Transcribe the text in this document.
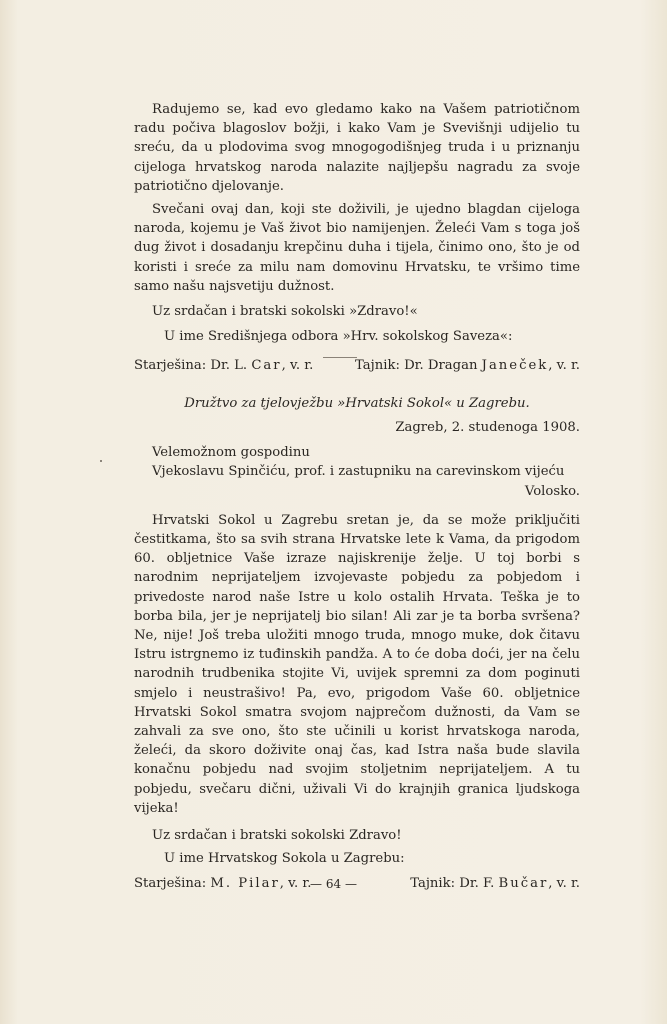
Radujemo se, kad evo gledamo kako na Vašem patriotičnom radu počiva blagoslov božji, i kako Vam je Svevišnji udijelio tu sreću, da u plodovima svog mnogogodišnjeg truda i u priznanju cijeloga hrvatskog naroda nalazite najljepšu nagradu za svoje patriotično djelovanje.

Svečani ovaj dan, koji ste doživili, je ujedno blagdan cijeloga naroda, kojemu je Vaš život bio namijenjen. Želeći Vam s toga još dug život i dosadanju krepčinu duha i tijela, činimo ono, što je od koristi i sreće za milu nam domovinu Hrvatsku, te vršimo time samo našu najsvetiju dužnost.

Uz srdačan i bratski sokolski »Zdravo!«

U ime Središnjega odbora »Hrv. sokolskog Saveza«:
Starješina: Dr. L. Car, v. r.	Tajnik: Dr. Dragan Janeček, v. r.
Družtvo za tjelovježbu »Hrvatski Sokol« u Zagrebu.
Zagreb, 2. studenoga 1908.
Velemožnom gospodinu
Vjekoslavu Spinčiću, prof. i zastupniku na carevinskom vijeću
Volosko.

Hrvatski Sokol u Zagrebu sretan je, da se može priključiti čestitkama, što sa svih strana Hrvatske lete k Vama, da prigodom 60. obljetnice Vaše izraze najiskrenije želje. U toj borbi s narodnim neprijateljem izvojevaste pobjedu za pobjedom i privedoste narod naše Istre u kolo ostalih Hrvata. Teška je to borba bila, jer je neprijatelj bio silan! Ali zar je ta borba svršena? Ne, nije! Još treba uložiti mnogo truda, mnogo muke, dok čitavu Istru istrgnemo iz tuđinskih pandža. A to će doba doći, jer na čelu narodnih trudbenika stojite Vi, uvijek spremni za dom poginuti smjelo i neustrašivo! Pa, evo, prigodom Vaše 60. obljetnice Hrvatski Sokol smatra svojom najprečom dužnosti, da Vam se zahvali za sve ono, što ste učinili u korist hrvatskoga naroda, želeći, da skoro doživite onaj čas, kad Istra naša bude slavila konačnu pobjedu nad svojim stoljetnim neprijateljem. A tu pobjedu, svečaru dični, uživali Vi do krajnjih granica ljudskoga vijeka!

Uz srdačan i bratski sokolski Zdravo!

U ime Hrvatskog Sokola u Zagrebu:
Starješina: M. Pilar, v. r.	Tajnik: Dr. F. Bučar, v. r.
— 64 —
